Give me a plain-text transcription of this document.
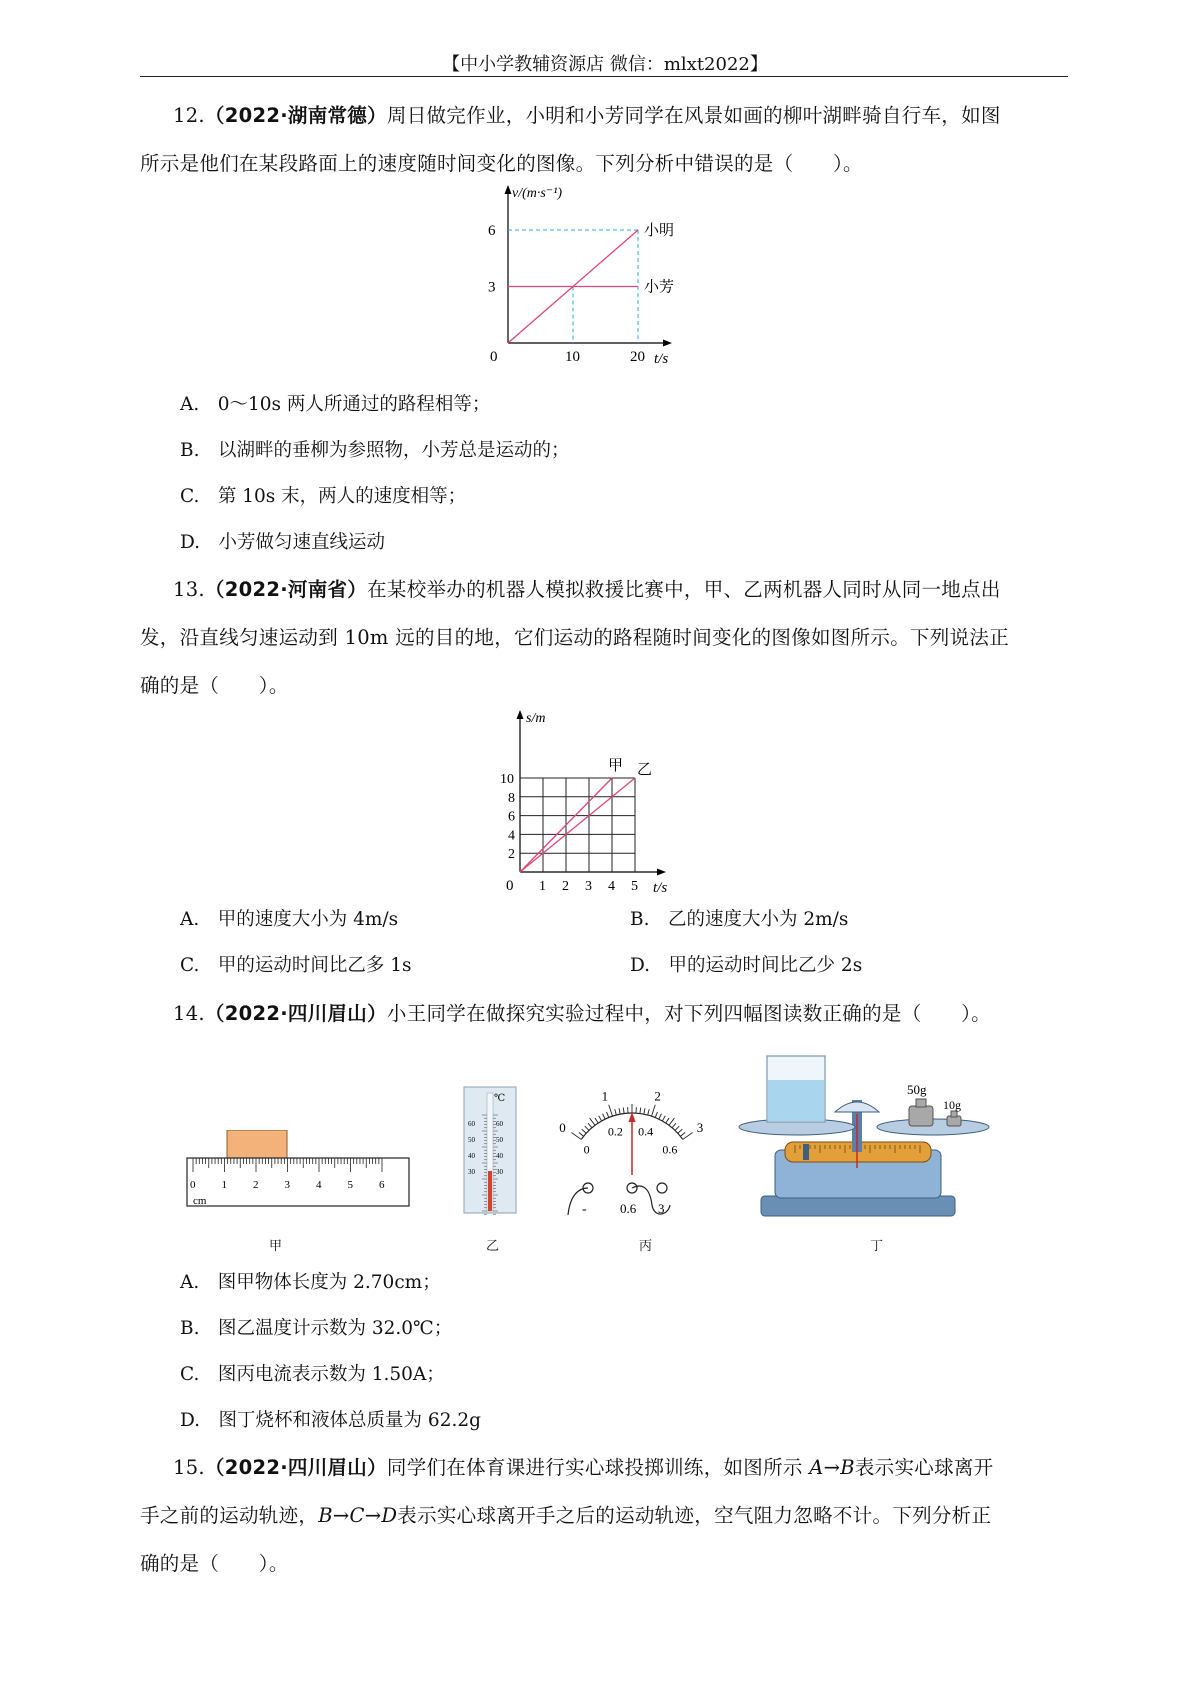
【中小学教辅资源店 微信：mlxt2022】
12.（2022·湖南常德）周日做完作业，小明和小芳同学在风景如画的柳叶湖畔骑自行车，如图
所示是他们在某段路面上的速度随时间变化的图像。下列分析中错误的是（　　）。
v/(m·s⁻¹)
0
小明
小芳
3
6
10	20 t/s
A.　0～10s 两人所通过的路程相等；
B.　以湖畔的垂柳为参照物，小芳总是运动的；
C.　第 10s 末，两人的速度相等；
D.　小芳做匀速直线运动
13.（2022·河南省）在某校举办的机器人模拟救援比赛中，甲、乙两机器人同时从同一地点出
发，沿直线匀速运动到 10m 远的目的地，它们运动的路程随时间变化的图像如图所示。下列说法正
确的是（　　）。
s/m
0
甲 乙
2
4
6
8
10
1 2 3 4 5 t/s
A.　甲的速度大小为 4m/s	B.　乙的速度大小为 2m/s
C.　甲的运动时间比乙多 1s	D.　甲的运动时间比乙少 2s
14.（2022·四川眉山）小王同学在做探究实验过程中，对下列四幅图读数正确的是（　　）。
0 1 2 3 4 5 6
cm
甲
60	60
50	50
40	40
30	30
℃
乙
0
1	2
3
0
0.2 0.4
0.6
-	0.6 3
丙
50g
10g
丁
A.　图甲物体长度为 2.70cm；
B.　图乙温度计示数为 32.0℃；
C.　图丙电流表示数为 1.50A；
D.　图丁烧杯和液体总质量为 62.2g
15.（2022·四川眉山）同学们在体育课进行实心球投掷训练，如图所示 A→B表示实心球离开
手之前的运动轨迹，B→C→D表示实心球离开手之后的运动轨迹，空气阻力忽略不计。下列分析正
确的是（　　）。
